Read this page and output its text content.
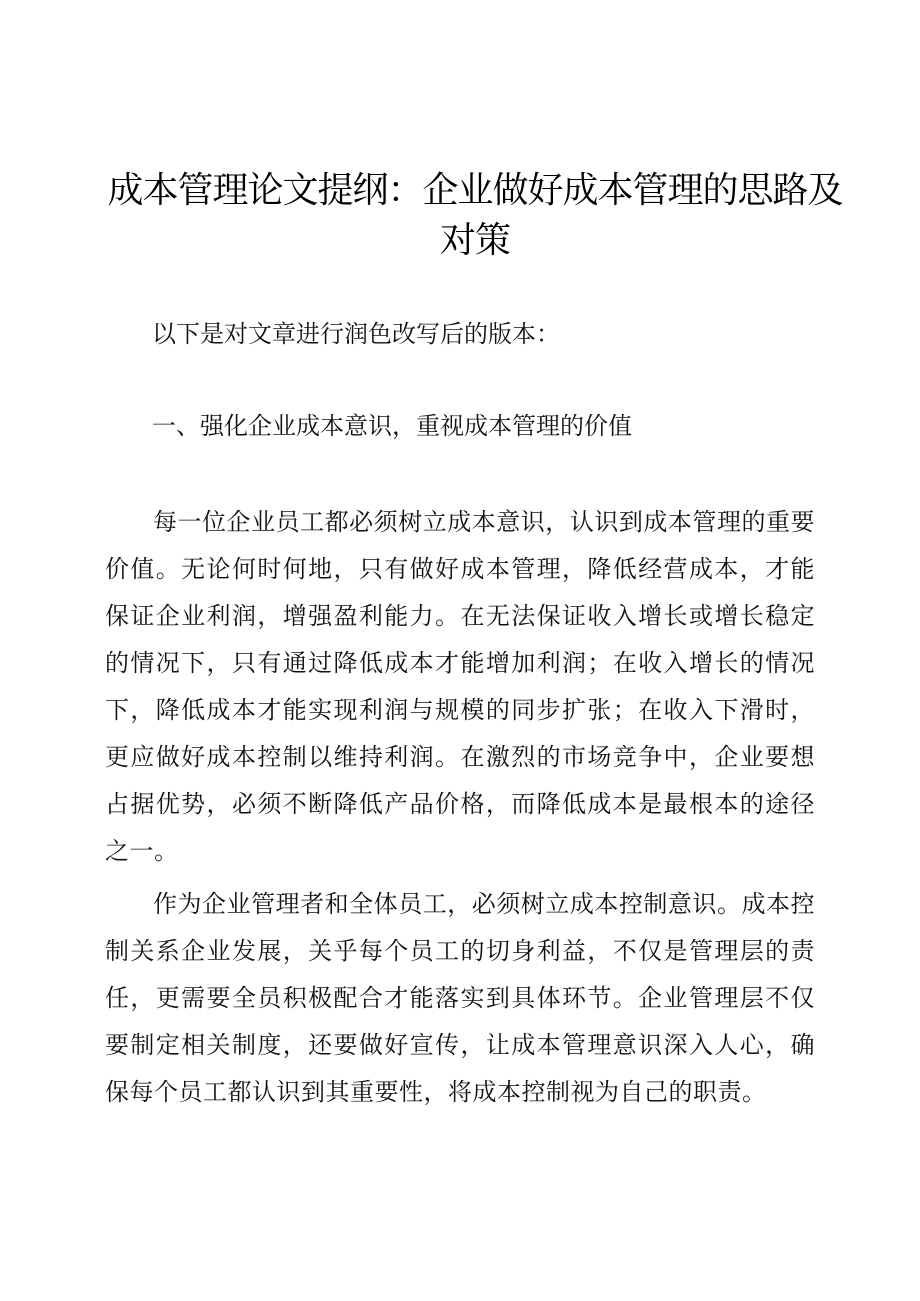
成本管理论文提纲：企业做好成本管理的思路及对策

以下是对文章进行润色改写后的版本：

一、强化企业成本意识，重视成本管理的价值

每一位企业员工都必须树立成本意识，认识到成本管理的重要价值。无论何时何地，只有做好成本管理，降低经营成本，才能保证企业利润，增强盈利能力。在无法保证收入增长或增长稳定的情况下，只有通过降低成本才能增加利润；在收入增长的情况下，降低成本才能实现利润与规模的同步扩张；在收入下滑时，更应做好成本控制以维持利润。在激烈的市场竞争中，企业要想占据优势，必须不断降低产品价格，而降低成本是最根本的途径之一。

作为企业管理者和全体员工，必须树立成本控制意识。成本控制关系企业发展，关乎每个员工的切身利益，不仅是管理层的责任，更需要全员积极配合才能落实到具体环节。企业管理层不仅要制定相关制度，还要做好宣传，让成本管理意识深入人心，确保每个员工都认识到其重要性，将成本控制视为自己的职责。
